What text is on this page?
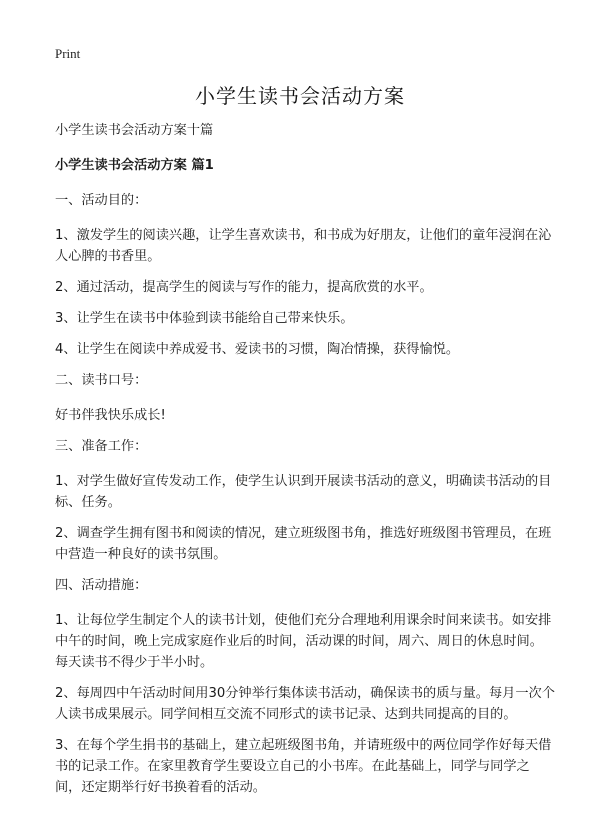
Print
小学生读书会活动方案

小学生读书会活动方案十篇

小学生读书会活动方案 篇1

一、活动目的：

1、激发学生的阅读兴趣，让学生喜欢读书，和书成为好朋友，让他们的童年浸润在沁人心脾的书香里。

2、通过活动，提高学生的阅读与写作的能力，提高欣赏的水平。

3、让学生在读书中体验到读书能给自己带来快乐。

4、让学生在阅读中养成爱书、爱读书的习惯，陶冶情操，获得愉悦。

二、读书口号：

好书伴我快乐成长!

三、准备工作：

1、对学生做好宣传发动工作，使学生认识到开展读书活动的意义，明确读书活动的目标、任务。

2、调查学生拥有图书和阅读的情况，建立班级图书角，推选好班级图书管理员，在班中营造一种良好的读书氛围。

四、活动措施：

1、让每位学生制定个人的读书计划，使他们充分合理地利用课余时间来读书。如安排中午的时间，晚上完成家庭作业后的时间，活动课的时间，周六、周日的休息时间。每天读书不得少于半小时。

2、每周四中午活动时间用30分钟举行集体读书活动，确保读书的质与量。每月一次个人读书成果展示。同学间相互交流不同形式的读书记录、达到共同提高的目的。

3、在每个学生捐书的基础上，建立起班级图书角，并请班级中的两位同学作好每天借书的记录工作。在家里教育学生要设立自己的小书库。在此基础上，同学与同学之间，还定期举行好书换着看的活动。
